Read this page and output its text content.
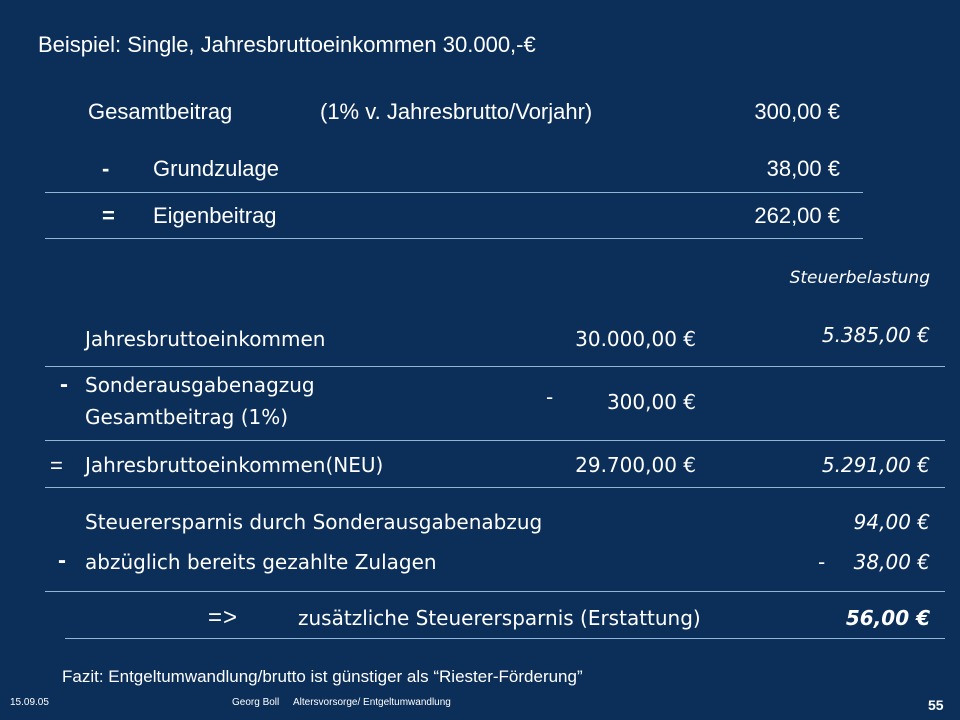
Beispiel: Single, Jahresbruttoeinkommen 30.000,-€
Gesamtbeitrag	(1% v. Jahresbrutto/Vorjahr)	300,00 €
- Grundzulage	38,00 €
= Eigenbeitrag	262,00 €
Steuerbelastung
Jahresbruttoeinkommen	30.000,00 €	5.385,00 €
- Sonderausgabenagzug
Gesamtbeitrag (1%)
-	300,00 €
= Jahresbruttoeinkommen(NEU)	29.700,00 €	5.291,00 €
Steuerersparnis durch Sonderausgabenabzug	94,00 €
- abzüglich bereits gezahlte Zulagen	- 38,00 €
=>	zusätzliche Steuerersparnis (Erstattung)	56,00 €
Fazit: Entgeltumwandlung/brutto ist günstiger als “Riester-Förderung”
15.09.05	Georg Boll Altersvorsorge/ Entgeltumwandlung	55
